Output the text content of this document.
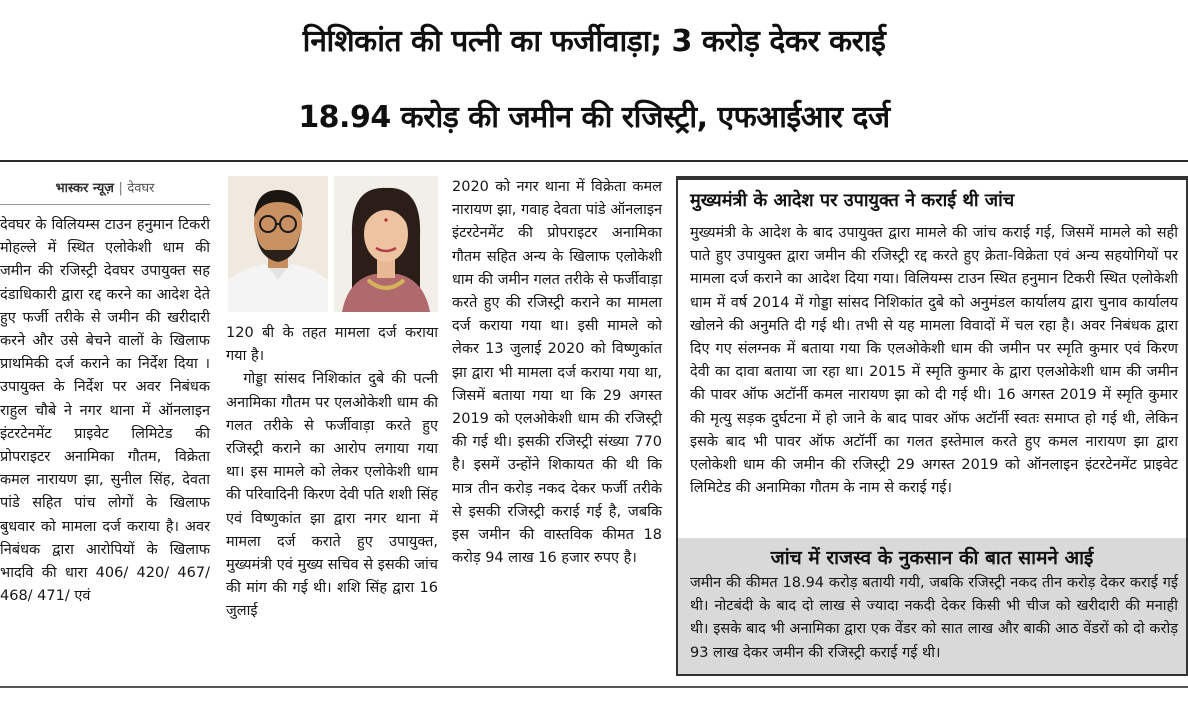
निशिकांत की पत्नी का फर्जीवाड़ा; 3 करोड़ देकर कराई
18.94 करोड़ की जमीन की रजिस्ट्री, एफआईआर दर्ज
भास्कर न्यूज़ | देवघर

देवघर के विलियम्स टाउन हनुमान टिकरी मोहल्ले में स्थित एलोकेशी धाम की जमीन की रजिस्ट्री देवघर उपायुक्त सह दंडाधिकारी द्वारा रद्द करने का आदेश देते हुए फर्जी तरीके से जमीन की खरीदारी करने और उसे बेचने वालों के खिलाफ प्राथमिकी दर्ज कराने का निर्देश दिया । उपायुक्त के निर्देश पर अवर निबंधक राहुल चौबे ने नगर थाना में ऑनलाइन इंटरटेनमेंट प्राइवेट लिमिटेड की प्रोपराइटर अनामिका गौतम, विक्रेता कमल नारायण झा, सुनील सिंह, देवता पांडे सहित पांच लोगों के खिलाफ बुधवार को मामला दर्ज कराया है। अवर निबंधक द्वारा आरोपियों के खिलाफ भादवि की धारा 406/ 420/ 467/ 468/ 471/ एवं

120 बी के तहत मामला दर्ज कराया गया है।

गोड्डा सांसद निशिकांत दुबे की पत्नी अनामिका गौतम पर एलओकेशी धाम की गलत तरीके से फर्जीवाड़ा करते हुए रजिस्ट्री कराने का आरोप लगाया गया था। इस मामले को लेकर एलोकेशी धाम की परिवादिनी किरण देवी पति शशी सिंह एवं विष्णुकांत झा द्वारा नगर थाना में मामला दर्ज कराते हुए उपायुक्त, मुख्यमंत्री एवं मुख्य सचिव से इसकी जांच की मांग की गई थी। शशि सिंह द्वारा 16 जुलाई

2020 को नगर थाना में विक्रेता कमल नारायण झा, गवाह देवता पांडे ऑनलाइन इंटरटेनमेंट की प्रोपराइटर अनामिका गौतम सहित अन्य के खिलाफ एलोकेशी धाम की जमीन गलत तरीके से फर्जीवाड़ा करते हुए की रजिस्ट्री कराने का मामला दर्ज कराया गया था। इसी मामले को लेकर 13 जुलाई 2020 को विष्णुकांत झा द्वारा भी मामला दर्ज कराया गया था, जिसमें बताया गया था कि 29 अगस्त 2019 को एलओकेशी धाम की रजिस्ट्री की गई थी। इसकी रजिस्ट्री संख्या 770 है। इसमें उन्होंने शिकायत की थी कि मात्र तीन करोड़ नकद देकर फर्जी तरीके से इसकी रजिस्ट्री कराई गई है, जबकि इस जमीन की वास्तविक कीमत 18 करोड़ 94 लाख 16 हजार रुपए है।

मुख्यमंत्री के आदेश पर उपायुक्त ने कराई थी जांच
मुख्यमंत्री के आदेश के बाद उपायुक्त द्वारा मामले की जांच कराई गई, जिसमें मामले को सही पाते हुए उपायुक्त द्वारा जमीन की रजिस्ट्री रद्द करते हुए क्रेता-विक्रेता एवं अन्य सहयोगियों पर मामला दर्ज कराने का आदेश दिया गया। विलियम्स टाउन स्थित हनुमान टिकरी स्थित एलोकेशी धाम में वर्ष 2014 में गोड्डा सांसद निशिकांत दुबे को अनुमंडल कार्यालय द्वारा चुनाव कार्यालय खोलने की अनुमति दी गई थी। तभी से यह मामला विवादों में चल रहा है। अवर निबंधक द्वारा दिए गए संलग्नक में बताया गया कि एलओकेशी धाम की जमीन पर स्मृति कुमार एवं किरण देवी का दावा बताया जा रहा था। 2015 में स्मृति कुमार के द्वारा एलओकेशी धाम की जमीन की पावर ऑफ अटॉर्नी कमल नारायण झा को दी गई थी। 16 अगस्त 2019 में स्मृति कुमार की मृत्यु सड़क दुर्घटना में हो जाने के बाद पावर ऑफ अटॉर्नी स्वतः समाप्त हो गई थी, लेकिन इसके बाद भी पावर ऑफ अटॉर्नी का गलत इस्तेमाल करते हुए कमल नारायण झा द्वारा एलोकेशी धाम की जमीन की रजिस्ट्री 29 अगस्त 2019 को ऑनलाइन इंटरटेनमेंट प्राइवेट लिमिटेड की अनामिका गौतम के नाम से कराई गई।
जांच में राजस्व के नुकसान की बात सामने आई
जमीन की कीमत 18.94 करोड़ बतायी गयी, जबकि रजिस्ट्री नकद तीन करोड़ देकर कराई गई थी। नोटबंदी के बाद दो लाख से ज्यादा नकदी देकर किसी भी चीज को खरीदारी की मनाही थी। इसके बाद भी अनामिका द्वारा एक वेंडर को सात लाख और बाकी आठ वेंडरों को दो करोड़ 93 लाख देकर जमीन की रजिस्ट्री कराई गई थी।
